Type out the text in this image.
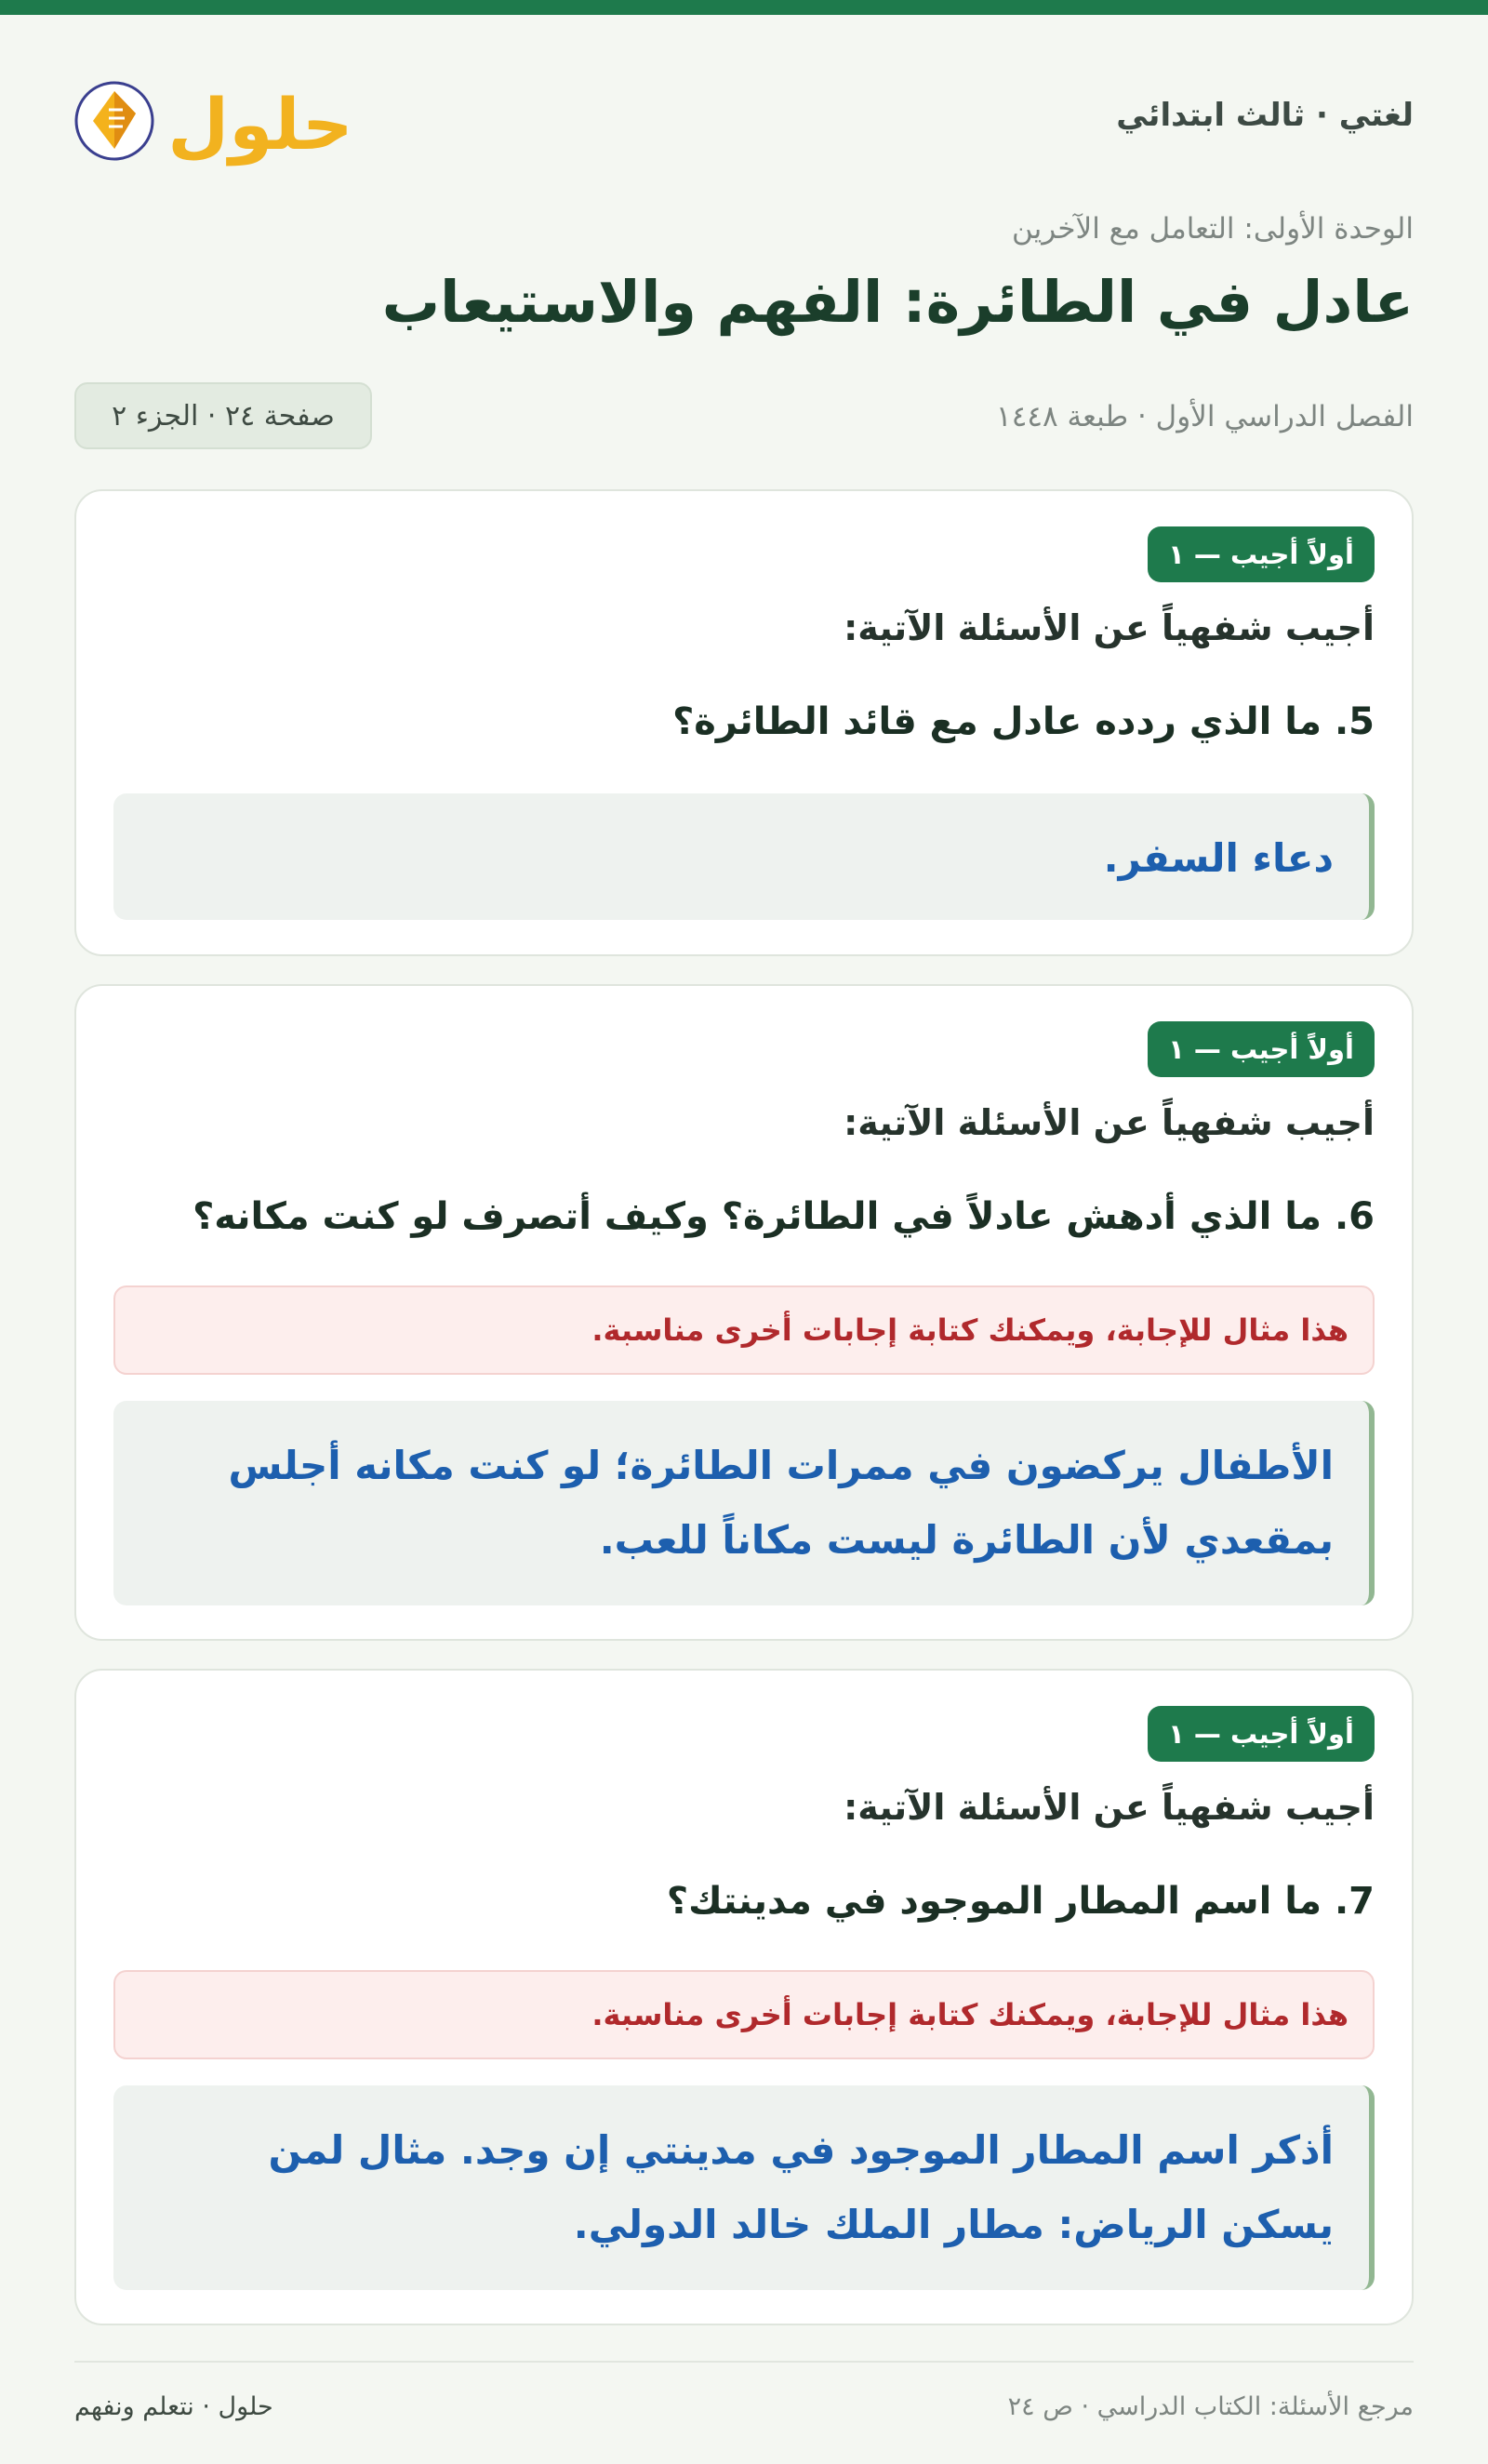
لغتي · ثالث ابتدائي
حلول
الوحدة الأولى: التعامل مع الآخرين
عادل في الطائرة: الفهم والاستيعاب
الفصل الدراسي الأول · طبعة ١٤٤٨
صفحة ٢٤ · الجزء ٢
أولاً أجيب — ١
أجيب شفهياً عن الأسئلة الآتية:
5. ما الذي ردده عادل مع قائد الطائرة؟
دعاء السفر.
أولاً أجيب — ١
أجيب شفهياً عن الأسئلة الآتية:
6. ما الذي أدهش عادلاً في الطائرة؟ وكيف أتصرف لو كنت مكانه؟
هذا مثال للإجابة، ويمكنك كتابة إجابات أخرى مناسبة.
الأطفال يركضون في ممرات الطائرة؛ لو كنت مكانه أجلس بمقعدي لأن الطائرة ليست مكاناً للعب.
أولاً أجيب — ١
أجيب شفهياً عن الأسئلة الآتية:
7. ما اسم المطار الموجود في مدينتك؟
هذا مثال للإجابة، ويمكنك كتابة إجابات أخرى مناسبة.
أذكر اسم المطار الموجود في مدينتي إن وجد. مثال لمن يسكن الرياض: مطار الملك خالد الدولي.
مرجع الأسئلة: الكتاب الدراسي · ص ٢٤
حلول · نتعلم ونفهم
